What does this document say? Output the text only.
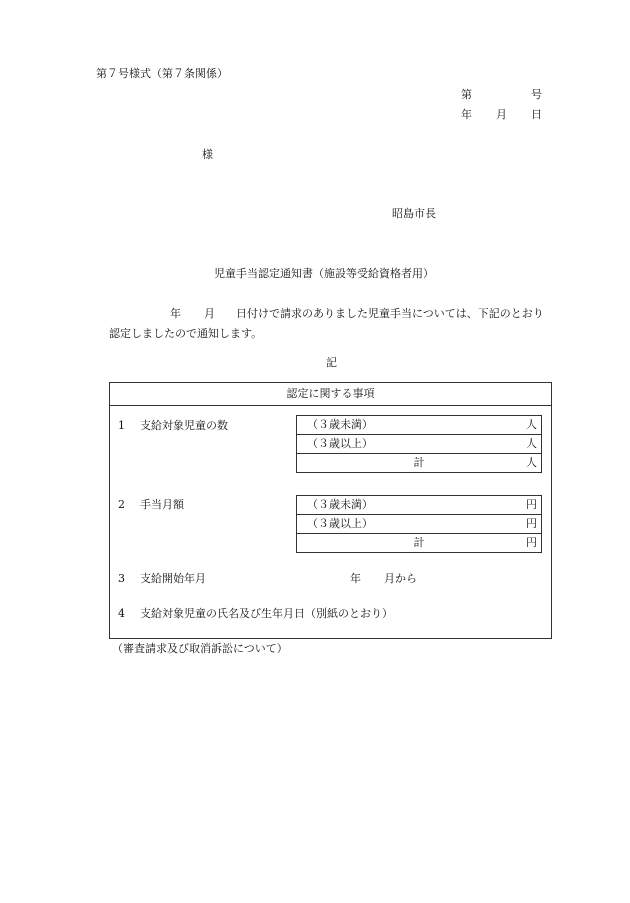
第７号様式（第７条関係）
第	号
年 月 日
様
昭島市長
児童手当認定通知書（施設等受給資格者用）
年 月 日付けで請求のありました児童手当については、下記のとおり
認定しましたので通知します。
記
認定に関する事項
1 支給対象児童の数	（３歳未満）	人

（３歳以上）	人

計	人
2 手当月額	（３歳未満）	円

（３歳以上）	円

計	円
3 支給開始年月	年 月から
4 支給対象児童の氏名及び生年月日（別紙のとおり）
（審査請求及び取消訴訟について）
